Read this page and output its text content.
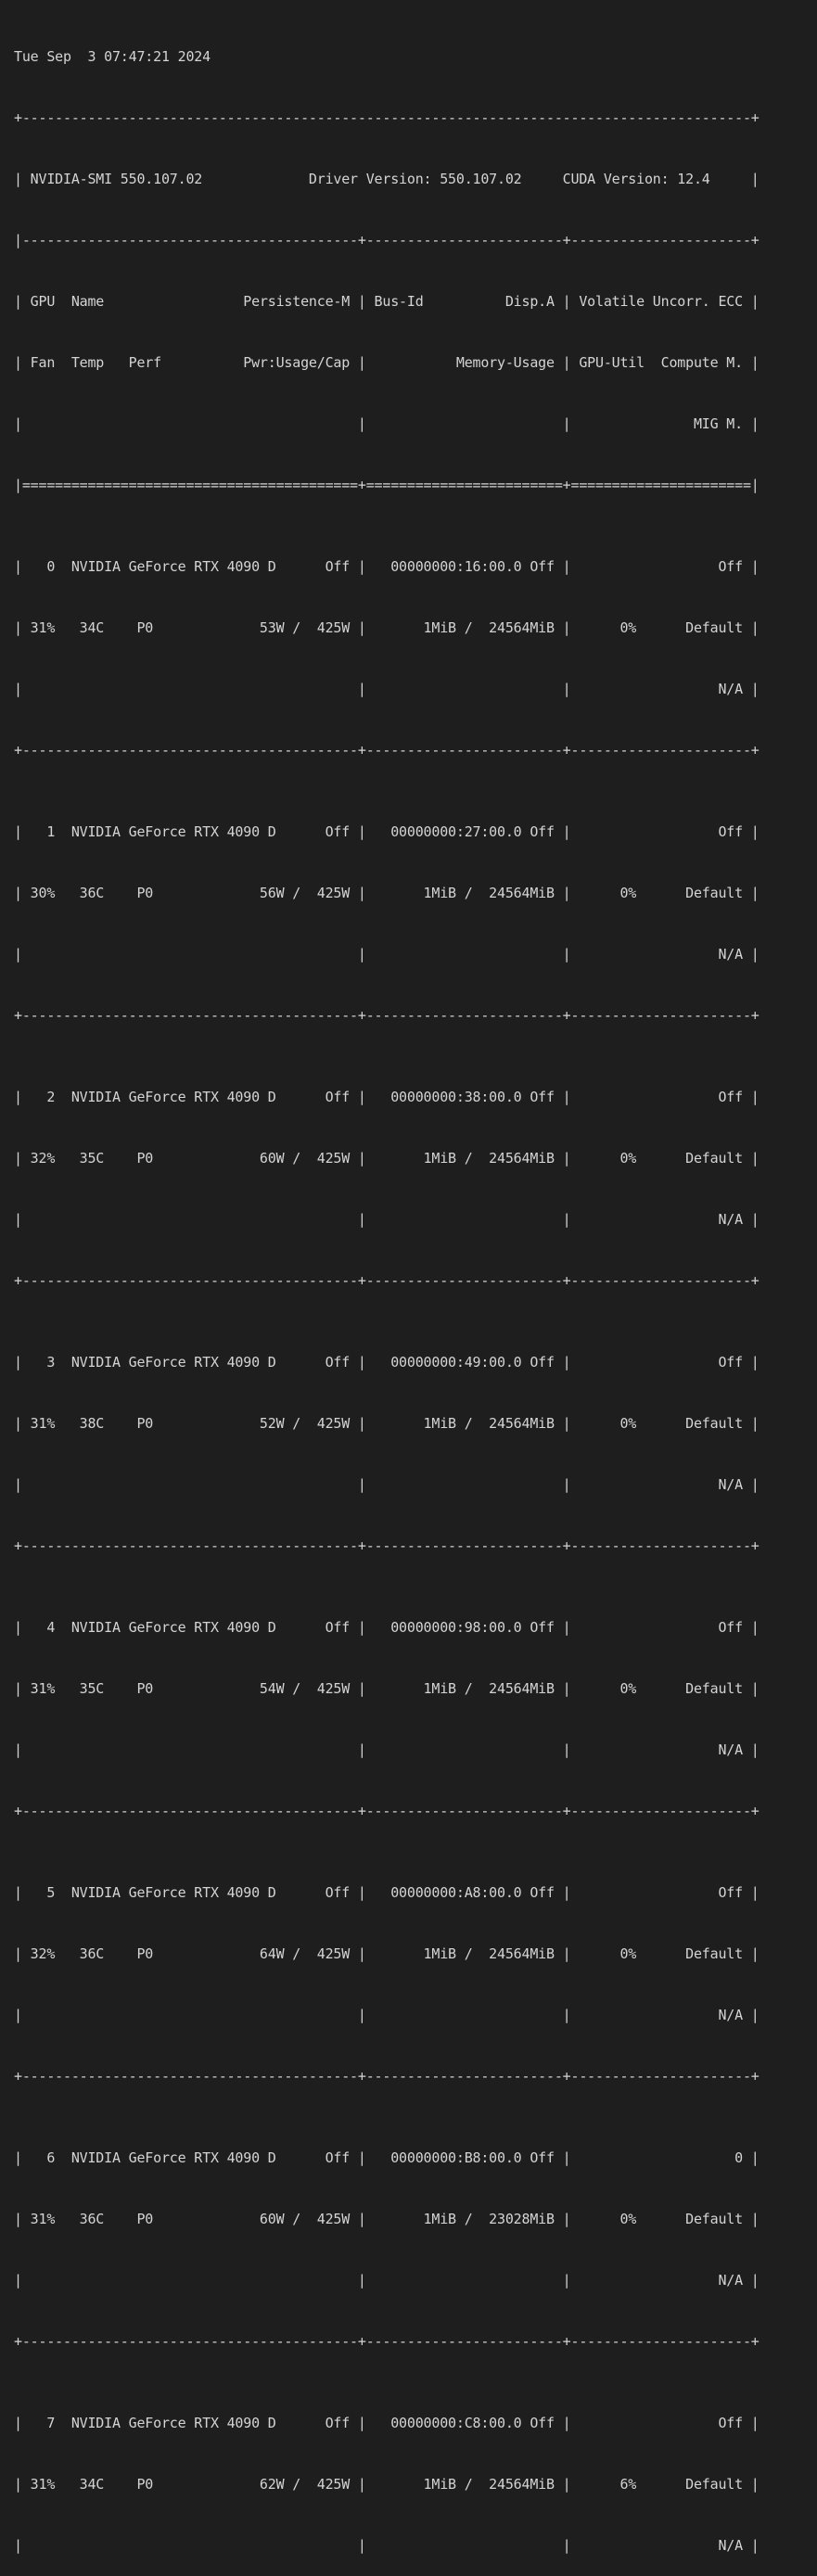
Tue Sep  3 07:47:21 2024

+-----------------------------------------------------------------------------------------+

| NVIDIA-SMI 550.107.02             Driver Version: 550.107.02     CUDA Version: 12.4     |

|-----------------------------------------+------------------------+----------------------+

| GPU  Name                 Persistence-M | Bus-Id          Disp.A | Volatile Uncorr. ECC |

| Fan  Temp   Perf          Pwr:Usage/Cap |           Memory-Usage | GPU-Util  Compute M. |

|                                         |                        |               MIG M. |

|=========================================+========================+======================|

|   0  NVIDIA GeForce RTX 4090 D      Off |   00000000:16:00.0 Off |                  Off |

| 31%   34C    P0             53W /  425W |       1MiB /  24564MiB |      0%      Default |

|                                         |                        |                  N/A |

+-----------------------------------------+------------------------+----------------------+

|   1  NVIDIA GeForce RTX 4090 D      Off |   00000000:27:00.0 Off |                  Off |

| 30%   36C    P0             56W /  425W |       1MiB /  24564MiB |      0%      Default |

|                                         |                        |                  N/A |

+-----------------------------------------+------------------------+----------------------+

|   2  NVIDIA GeForce RTX 4090 D      Off |   00000000:38:00.0 Off |                  Off |

| 32%   35C    P0             60W /  425W |       1MiB /  24564MiB |      0%      Default |

|                                         |                        |                  N/A |

+-----------------------------------------+------------------------+----------------------+

|   3  NVIDIA GeForce RTX 4090 D      Off |   00000000:49:00.0 Off |                  Off |

| 31%   38C    P0             52W /  425W |       1MiB /  24564MiB |      0%      Default |

|                                         |                        |                  N/A |

+-----------------------------------------+------------------------+----------------------+

|   4  NVIDIA GeForce RTX 4090 D      Off |   00000000:98:00.0 Off |                  Off |

| 31%   35C    P0             54W /  425W |       1MiB /  24564MiB |      0%      Default |

|                                         |                        |                  N/A |

+-----------------------------------------+------------------------+----------------------+

|   5  NVIDIA GeForce RTX 4090 D      Off |   00000000:A8:00.0 Off |                  Off |

| 32%   36C    P0             64W /  425W |       1MiB /  24564MiB |      0%      Default |

|                                         |                        |                  N/A |

+-----------------------------------------+------------------------+----------------------+

|   6  NVIDIA GeForce RTX 4090 D      Off |   00000000:B8:00.0 Off |                    0 |

| 31%   36C    P0             60W /  425W |       1MiB /  23028MiB |      0%      Default |

|                                         |                        |                  N/A |

+-----------------------------------------+------------------------+----------------------+

|   7  NVIDIA GeForce RTX 4090 D      Off |   00000000:C8:00.0 Off |                  Off |

| 31%   34C    P0             62W /  425W |       1MiB /  24564MiB |      6%      Default |

|                                         |                        |                  N/A |
